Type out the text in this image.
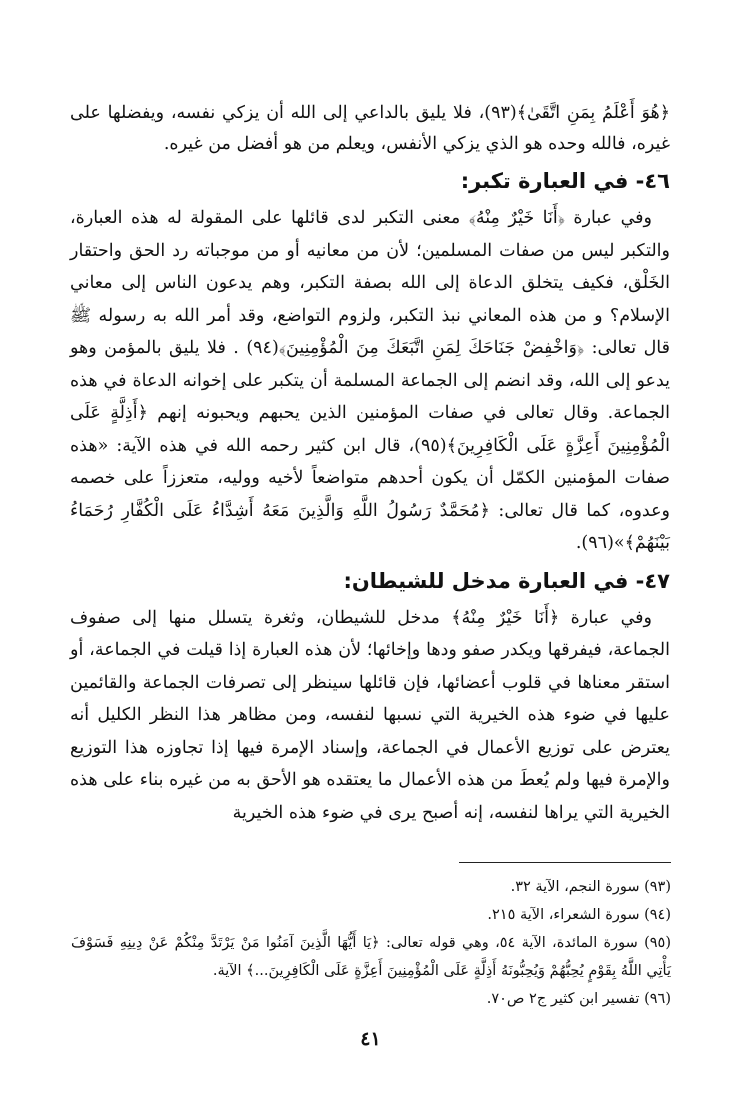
﴿هُوَ أَعْلَمُ بِمَنِ اتَّقَىٰ﴾(٩٣)، فلا يليق بالداعي إلى الله أن يزكي نفسه، ويفضلها على غيره، فالله وحده هو الذي يزكي الأنفس، ويعلم من هو أفضل من غيره.

٤٦- في العبارة تكبر:

وفي عبارة ﴿أَنَا خَيْرٌ مِنْهُ﴾ معنى التكبر لدى قائلها على المقولة له هذه العبارة، والتكبر ليس من صفات المسلمين؛ لأن من معانيه أو من موجباته رد الحق واحتقار الخَلْق، فكيف يتخلق الدعاة إلى الله بصفة التكبر، وهم يدعون الناس إلى معاني الإسلام؟ و من هذه المعاني نبذ التكبر، ولزوم التواضع، وقد أمر الله به رسوله ﷺ قال تعالى: ﴿وَاخْفِضْ جَنَاحَكَ لِمَنِ اتَّبَعَكَ مِنَ الْمُؤْمِنِينَ﴾(٩٤) . فلا يليق بالمؤمن وهو يدعو إلى الله، وقد انضم إلى الجماعة المسلمة أن يتكبر على إخوانه الدعاة في هذه الجماعة. وقال تعالى في صفات المؤمنين الذين يحبهم ويحبونه إنهم ﴿أَذِلَّةٍ عَلَى الْمُؤْمِنِينَ أَعِزَّةٍ عَلَى الْكَافِرِينَ﴾(٩٥)، قال ابن كثير رحمه الله في هذه الآية: «هذه صفات المؤمنين الكمّل أن يكون أحدهم متواضعاً لأخيه ووليه، متعززاً على خصمه وعدوه، كما قال تعالى: ﴿مُحَمَّدٌ رَسُولُ اللَّهِ وَالَّذِينَ مَعَهُ أَشِدَّاءُ عَلَى الْكُفَّارِ رُحَمَاءُ بَيْنَهُمْ﴾»(٩٦).

٤٧- في العبارة مدخل للشيطان:

وفي عبارة ﴿أَنَا خَيْرٌ مِنْهُ﴾ مدخل للشيطان، وثغرة يتسلل منها إلى صفوف الجماعة، فيفرقها ويكدر صفو ودها وإخائها؛ لأن هذه العبارة إذا قيلت في الجماعة، أو استقر معناها في قلوب أعضائها، فإن قائلها سينظر إلى تصرفات الجماعة والقائمين عليها في ضوء هذه الخيرية التي نسبها لنفسه، ومن مظاهر هذا النظر الكليل أنه يعترض على توزيع الأعمال في الجماعة، وإسناد الإمرة فيها إذا تجاوزه هذا التوزيع والإمرة فيها ولم يُعطَ من هذه الأعمال ما يعتقده هو الأحق به من غيره بناء على هذه الخيرية التي يراها لنفسه، إنه أصبح يرى في ضوء هذه الخيرية

(٩٣) سورة النجم، الآية ٣٢.

(٩٤) سورة الشعراء، الآية ٢١٥.

(٩٥) سورة المائدة، الآية ٥٤، وهي قوله تعالى: ﴿يَا أَيُّهَا الَّذِينَ آمَنُوا مَنْ يَرْتَدَّ مِنْكُمْ عَنْ دِينِهِ فَسَوْفَ يَأْتِي اللَّهُ بِقَوْمٍ يُحِبُّهُمْ وَيُحِبُّونَهُ أَذِلَّةٍ عَلَى الْمُؤْمِنِينَ أَعِزَّةٍ عَلَى الْكَافِرِينَ...﴾ الآية.

(٩٦) تفسير ابن كثير ج٢ ص٧٠.

٤١
